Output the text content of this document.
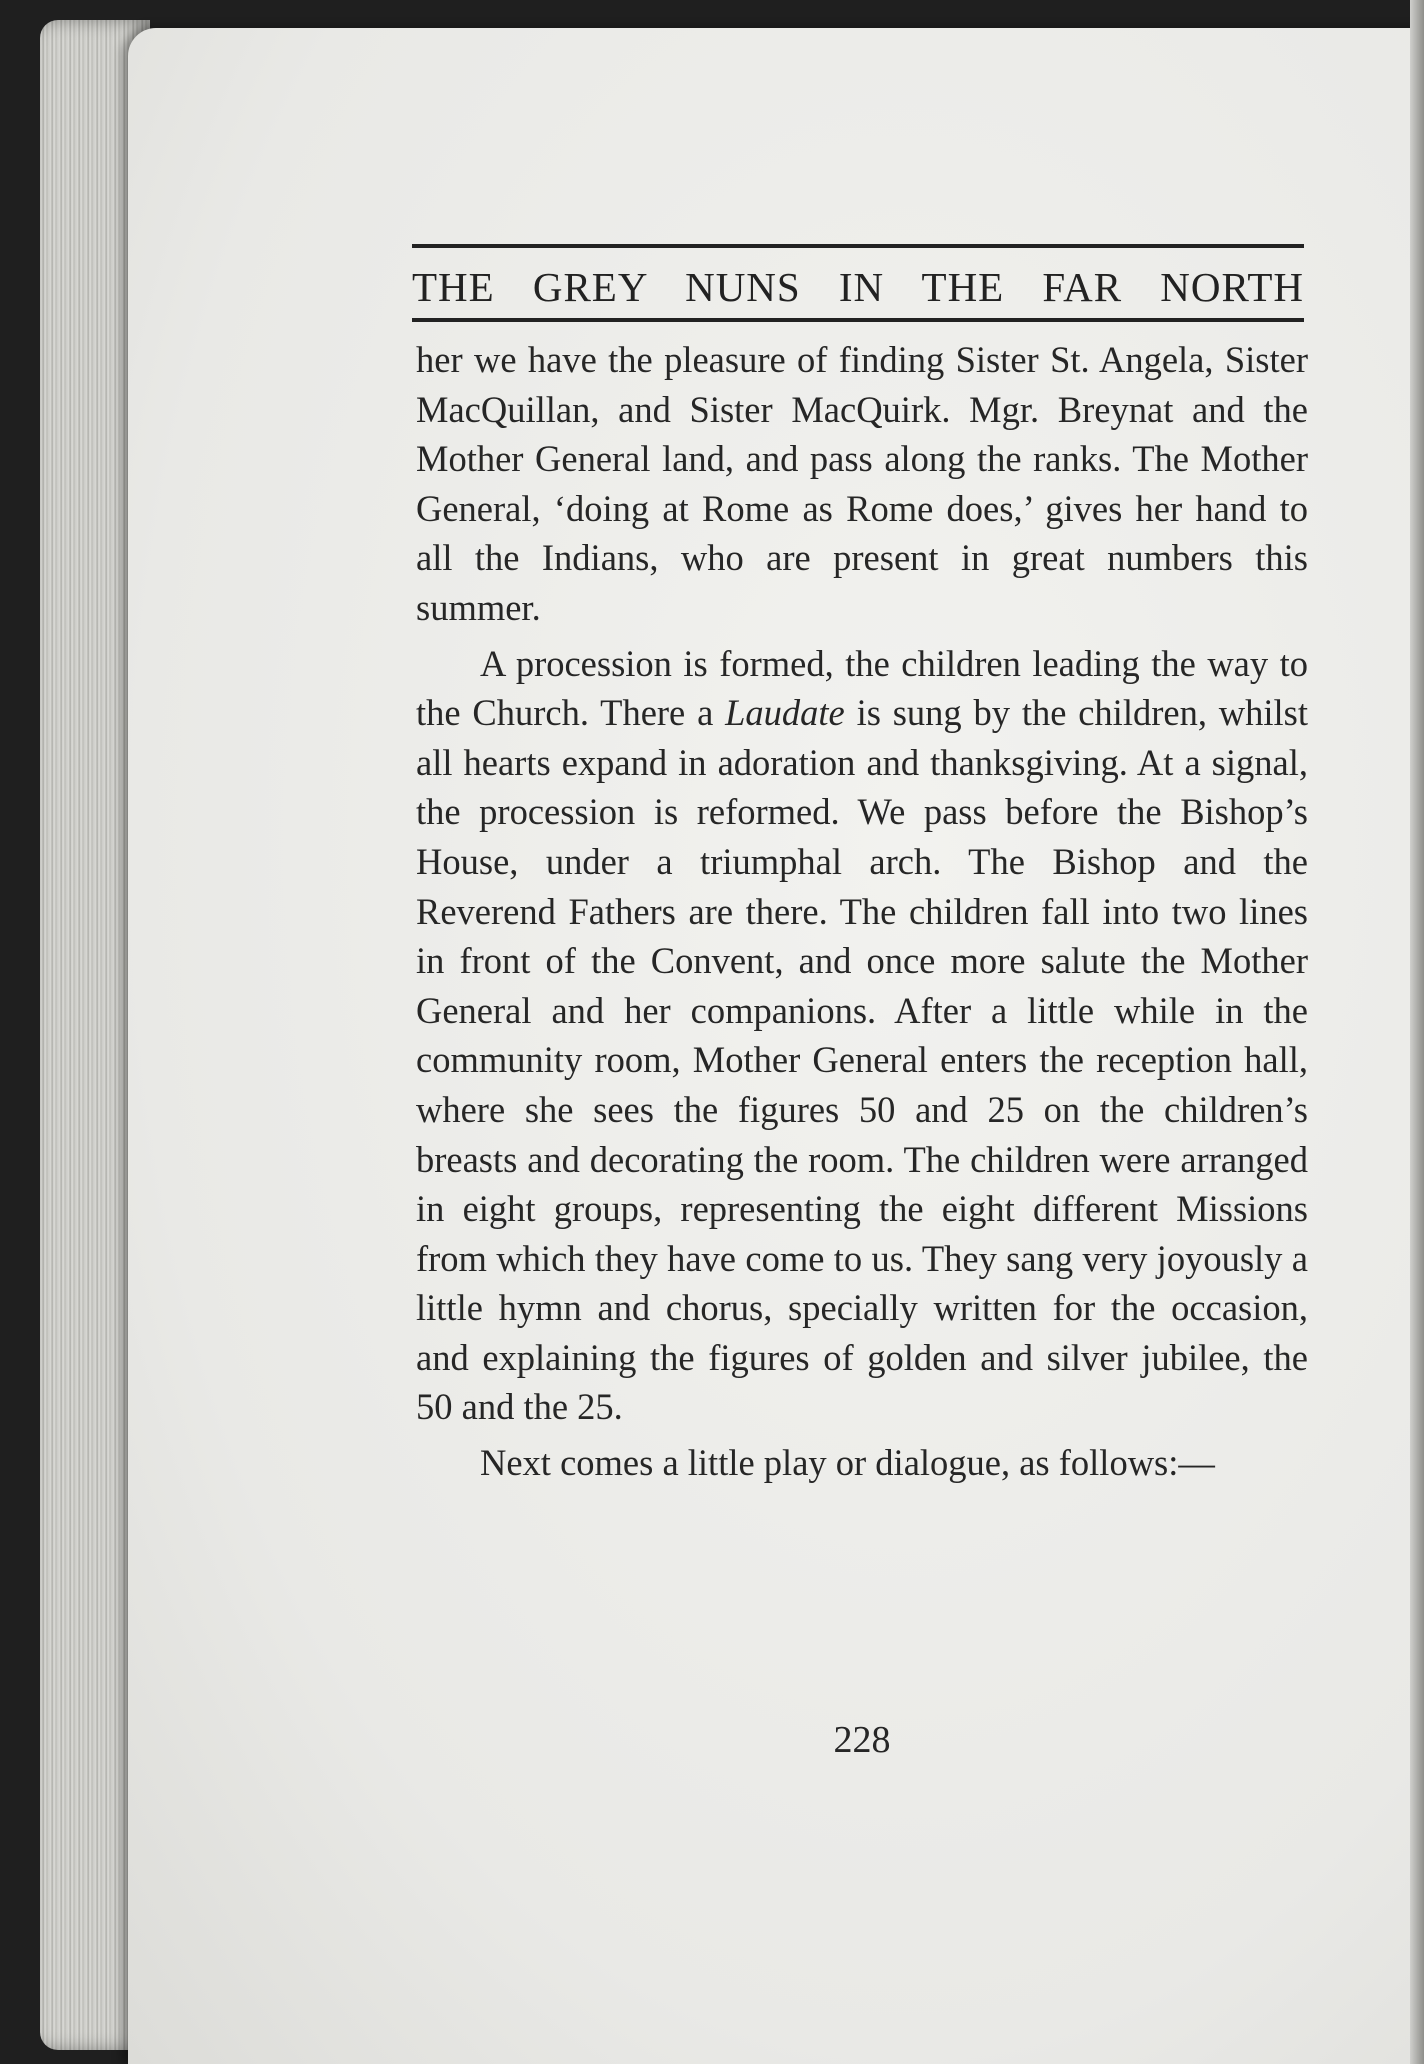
THE GREY NUNS IN THE FAR NORTH

her we have the pleasure of finding Sister St. Angela, Sister MacQuillan, and Sister MacQuirk. Mgr. Breynat and the Mother General land, and pass along the ranks. The Mother General, ‘doing at Rome as Rome does,’ gives her hand to all the Indians, who are present in great numbers this summer.

A procession is formed, the children leading the way to the Church. There a Laudate is sung by the children, whilst all hearts expand in adoration and thanksgiving. At a signal, the procession is reformed. We pass before the Bishop’s House, under a triumphal arch. The Bishop and the Reverend Fathers are there. The children fall into two lines in front of the Convent, and once more salute the Mother General and her companions. After a little while in the community room, Mother General enters the reception hall, where she sees the figures 50 and 25 on the children’s breasts and decorating the room. The children were arranged in eight groups, representing the eight different Missions from which they have come to us. They sang very joyously a little hymn and chorus, specially written for the occasion, and explaining the figures of golden and silver jubilee, the 50 and the 25.

Next comes a little play or dialogue, as follows:—

228
